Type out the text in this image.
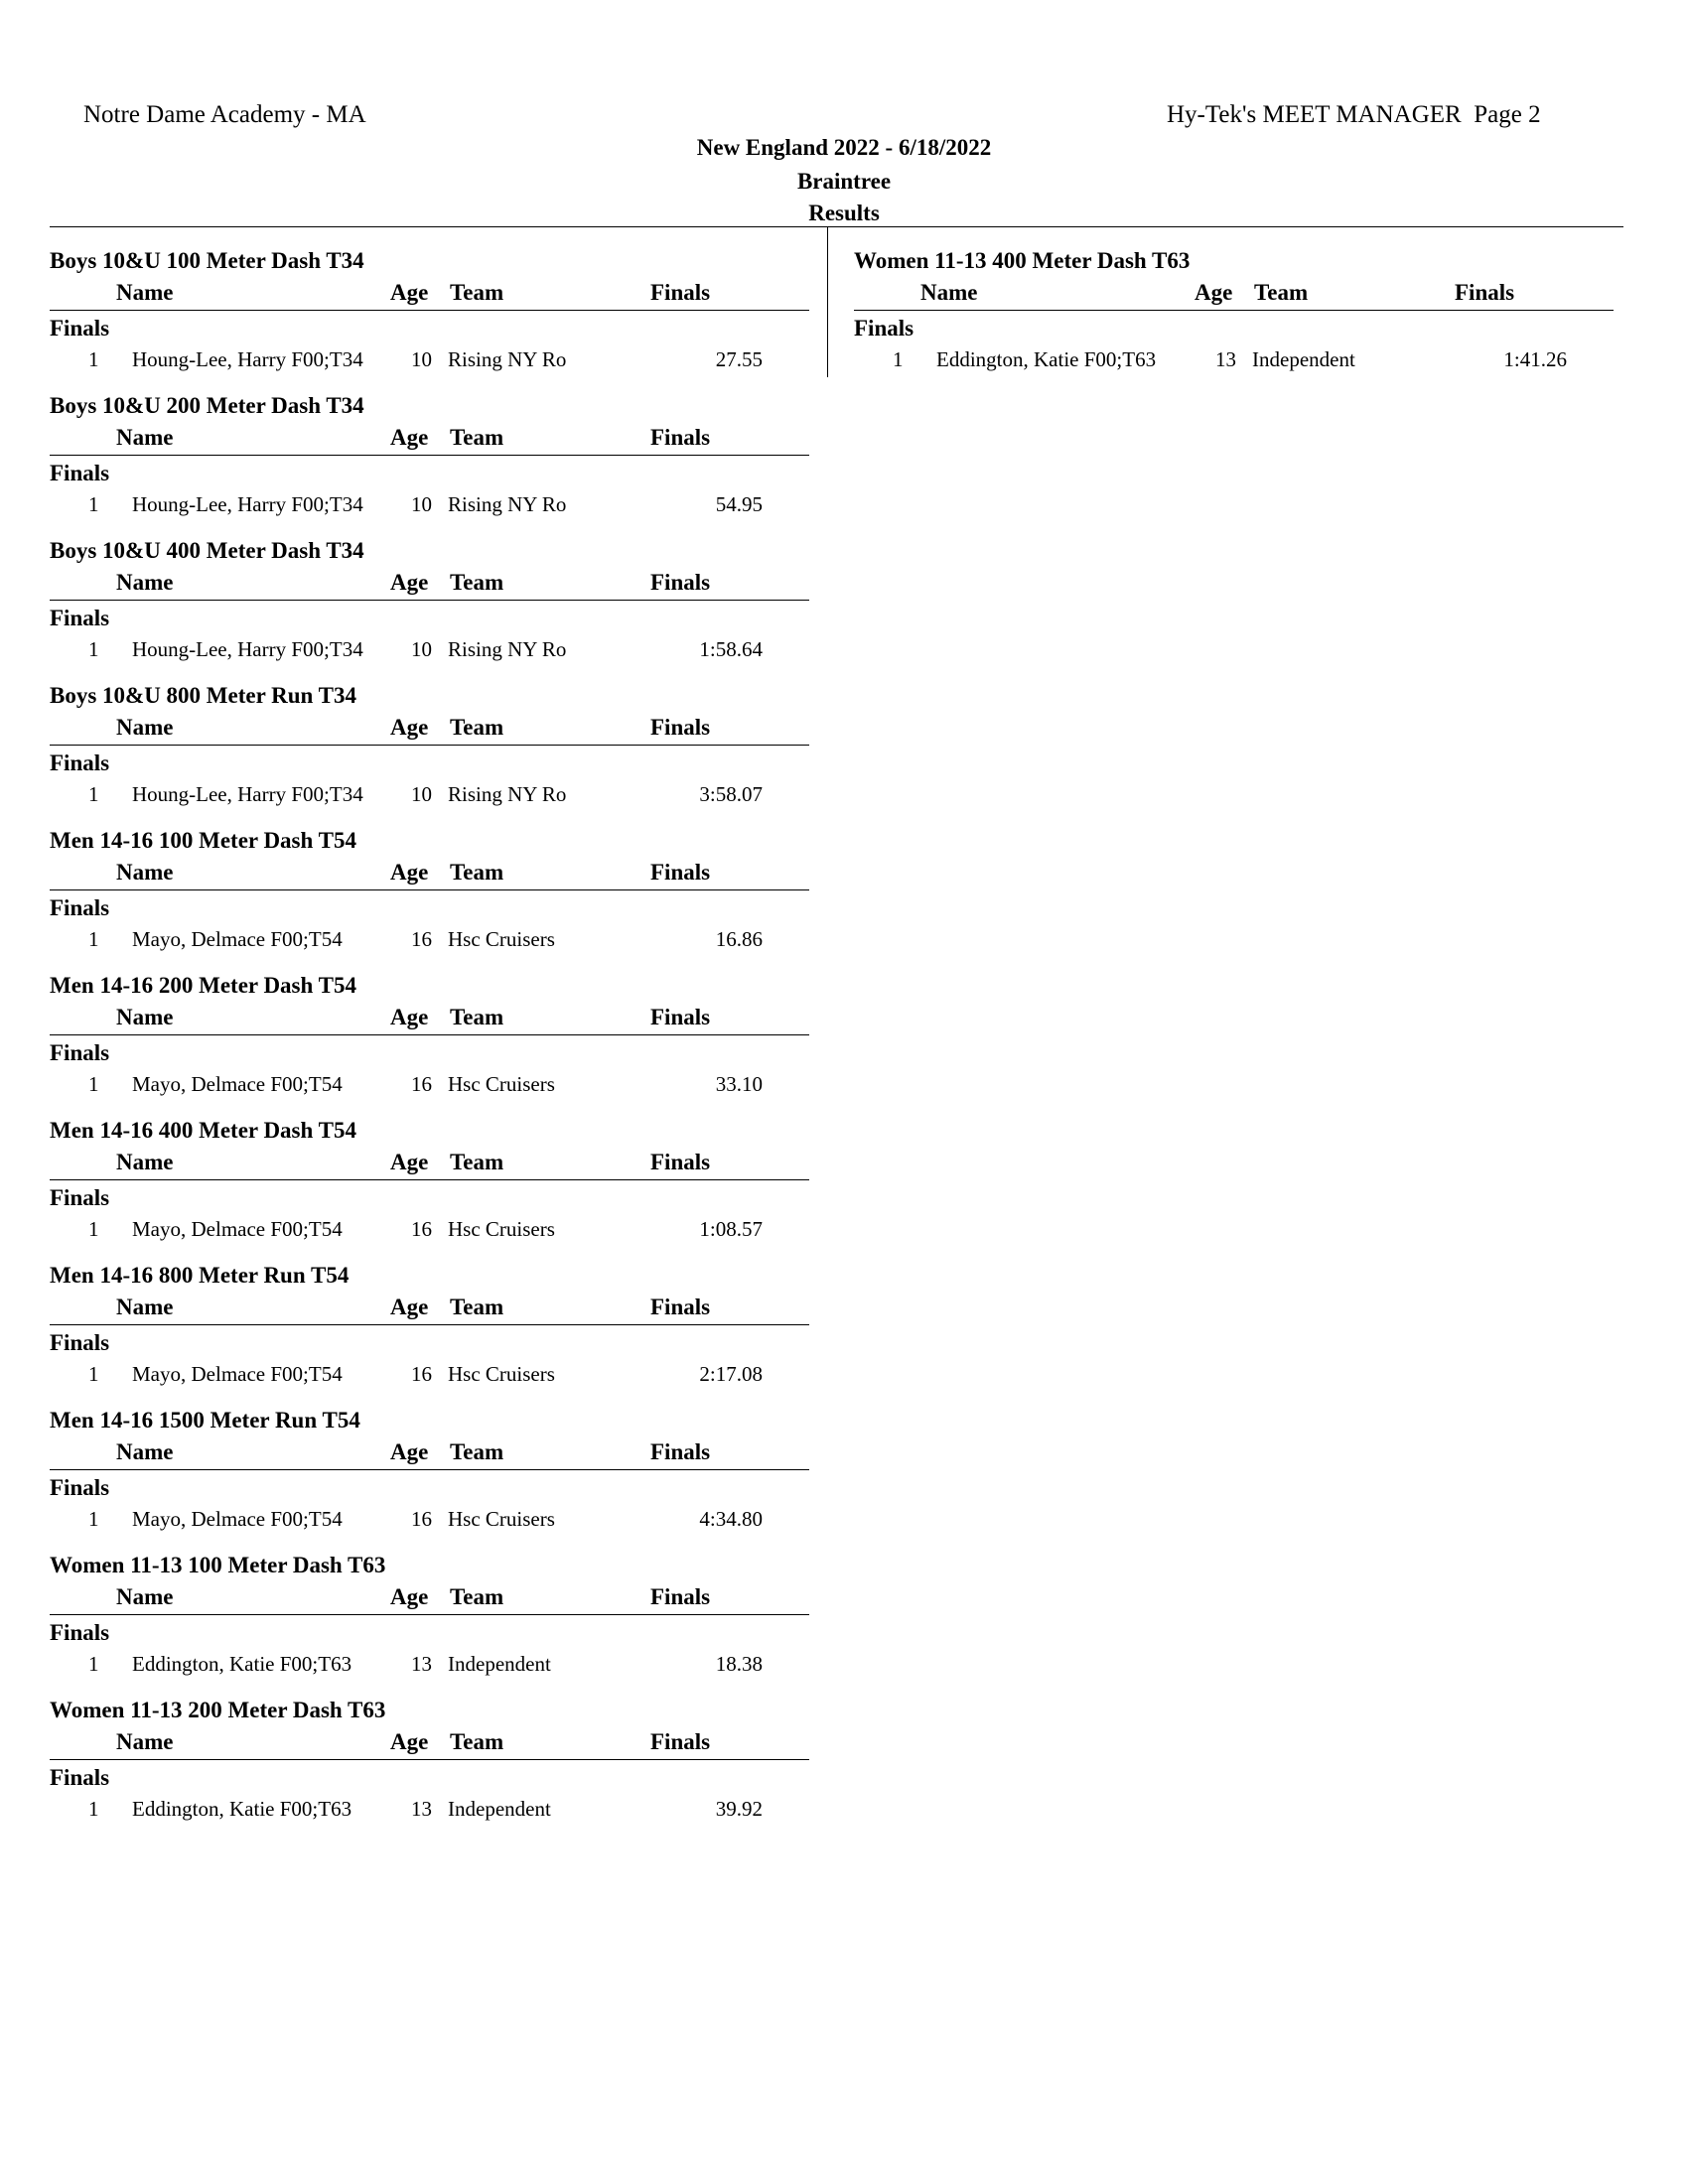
Notre Dame Academy - MA	Hy-Tek's MEET MANAGER  Page 2
New England 2022 - 6/18/2022
Braintree
Results
Boys 10&U 100 Meter Dash T34
Name	Age Team	Finals
Finals
1	Houng-Lee, Harry F00;T34	10 Rising NY Ro	27.55
Boys 10&U 200 Meter Dash T34
Name	Age Team	Finals
Finals
1	Houng-Lee, Harry F00;T34	10 Rising NY Ro	54.95
Boys 10&U 400 Meter Dash T34
Name	Age Team	Finals
Finals
1	Houng-Lee, Harry F00;T34	10 Rising NY Ro	1:58.64
Boys 10&U 800 Meter Run T34
Name	Age Team	Finals
Finals
1	Houng-Lee, Harry F00;T34	10 Rising NY Ro	3:58.07
Men 14-16 100 Meter Dash T54
Name	Age Team	Finals
Finals
1	Mayo, Delmace F00;T54	16 Hsc Cruisers	16.86
Men 14-16 200 Meter Dash T54
Name	Age Team	Finals
Finals
1	Mayo, Delmace F00;T54	16 Hsc Cruisers	33.10
Men 14-16 400 Meter Dash T54
Name	Age Team	Finals
Finals
1	Mayo, Delmace F00;T54	16 Hsc Cruisers	1:08.57
Men 14-16 800 Meter Run T54
Name	Age Team	Finals
Finals
1	Mayo, Delmace F00;T54	16 Hsc Cruisers	2:17.08
Men 14-16 1500 Meter Run T54
Name	Age Team	Finals
Finals
1	Mayo, Delmace F00;T54	16 Hsc Cruisers	4:34.80
Women 11-13 100 Meter Dash T63
Name	Age Team	Finals
Finals
1	Eddington, Katie F00;T63	13 Independent	18.38
Women 11-13 200 Meter Dash T63
Name	Age Team	Finals
Finals
1	Eddington, Katie F00;T63	13 Independent	39.92
Women 11-13 400 Meter Dash T63
Name	Age Team	Finals
Finals
1	Eddington, Katie F00;T63	13 Independent	1:41.26
